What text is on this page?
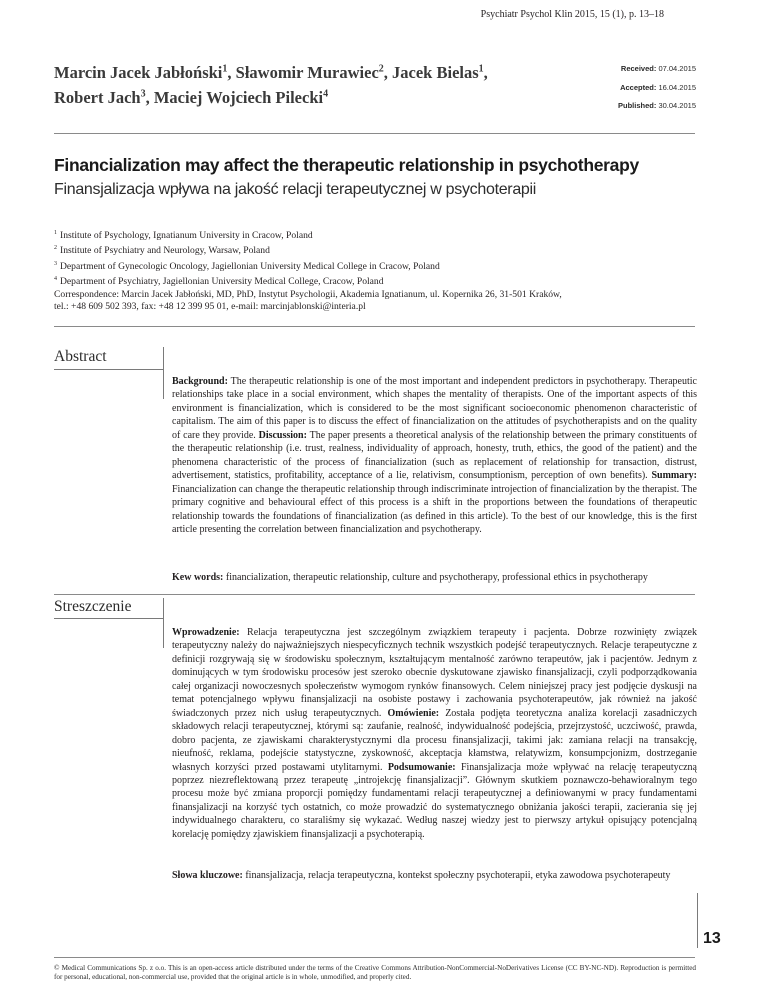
Psychiatr Psychol Klin 2015, 15 (1), p. 13–18
Marcin Jacek Jabłoński$^1$, Sławomir Murawiec$^2$, Jacek Bielas$^1$,
Robert Jach$^3$, Maciej Wojciech Pilecki$^4$
Received: 07.04.2015
Accepted: 16.04.2015
Published: 30.04.2015
Financialization may affect the therapeutic relationship in psychotherapy
Finansjalizacja wpływa na jakość relacji terapeutycznej w psychoterapii
$^1$ Institute of Psychology, Ignatianum University in Cracow, Poland
$^2$ Institute of Psychiatry and Neurology, Warsaw, Poland
$^3$ Department of Gynecologic Oncology, Jagiellonian University Medical College in Cracow, Poland
$^4$ Department of Psychiatry, Jagiellonian University Medical College, Cracow, Poland
Correspondence: Marcin Jacek Jabłoński, MD, PhD, Instytut Psychologii, Akademia Ignatianum, ul. Kopernika 26, 31-501 Kraków,
tel.: +48 609 502 393, fax: +48 12 399 95 01, e-mail: marcinjablonski@interia.pl
Abstract
Background: The therapeutic relationship is one of the most important and independent predictors in psychotherapy. Therapeutic relationships take place in a social environment, which shapes the mentality of therapists. One of the important aspects of this environment is financialization, which is considered to be the most significant socioeconomic phenomenon characteristic of capitalism. The aim of this paper is to discuss the effect of financialization on the attitudes of psychotherapists and on the quality of care they provide. Discussion: The paper presents a theoretical analysis of the relationship between the primary constituents of the therapeutic relationship (i.e. trust, realness, individuality of approach, honesty, truth, ethics, the good of the patient) and the phenomena characteristic of the process of financialization (such as replacement of relationship for transaction, distrust, advertisement, statistics, profitability, acceptance of a lie, relativism, consumptionism, perception of own benefits). Summary: Financialization can change the therapeutic relationship through indiscriminate introjection of financialization by the therapist. The primary cognitive and behavioural effect of this process is a shift in the proportions between the foundations of therapeutic relationship towards the foundations of financialization (as defined in this article). To the best of our knowledge, this is the first article presenting the correlation between financialization and psychotherapy.
Kew words: financialization, therapeutic relationship, culture and psychotherapy, professional ethics in psychotherapy
Streszczenie
Wprowadzenie: Relacja terapeutyczna jest szczególnym związkiem terapeuty i pacjenta. Dobrze rozwinięty związek terapeutyczny należy do najważniejszych niespecyficznych technik wszystkich podejść terapeutycznych. Relacje terapeutyczne z definicji rozgrywają się w środowisku społecznym, kształtującym mentalność zarówno terapeutów, jak i pacjentów. Jednym z dominujących w tym środowisku procesów jest szeroko obecnie dyskutowane zjawisko finansjalizacji, czyli podporządkowania całej organizacji nowoczesnych społeczeństw wymogom rynków finansowych. Celem niniejszej pracy jest podjęcie dyskusji na temat potencjalnego wpływu finansjalizacji na osobiste postawy i zachowania psychoterapeutów, jak również na jakość świadczonych przez nich usług terapeutycznych. Omówienie: Została podjęta teoretyczna analiza korelacji zasadniczych składowych relacji terapeutycznej, którymi są: zaufanie, realność, indywidualność podejścia, przejrzystość, uczciwość, prawda, dobro pacjenta, ze zjawiskami charakterystycznymi dla procesu finansjalizacji, takimi jak: zamiana relacji na transakcję, nieufność, reklama, podejście statystyczne, zyskowność, akceptacja kłamstwa, relatywizm, konsumpcjonizm, dostrzeganie własnych korzyści przed postawami utylitarnymi. Podsumowanie: Finansjalizacja może wpływać na relację terapeutyczną poprzez niezreflektowaną przez terapeutę „introjekcję finansjalizacji”. Głównym skutkiem poznawczo-behawioralnym tego procesu może być zmiana proporcji pomiędzy fundamentami relacji terapeutycznej a definiowanymi w pracy fundamentami finansjalizacji na korzyść tych ostatnich, co może prowadzić do systematycznego obniżania jakości terapii, zacierania się jej indywidualnego charakteru, co staraliśmy się wykazać. Według naszej wiedzy jest to pierwszy artykuł opisujący potencjalną korelację pomiędzy zjawiskiem finansjalizacji a psychoterapią.
Słowa kluczowe: finansjalizacja, relacja terapeutyczna, kontekst społeczny psychoterapii, etyka zawodowa psychoterapeuty
13
© Medical Communications Sp. z o.o. This is an open-access article distributed under the terms of the Creative Commons Attribution-NonCommercial-NoDerivatives License (CC BY-NC-ND). Reproduction is permitted for personal, educational, non-commercial use, provided that the original article is in whole, unmodified, and properly cited.
